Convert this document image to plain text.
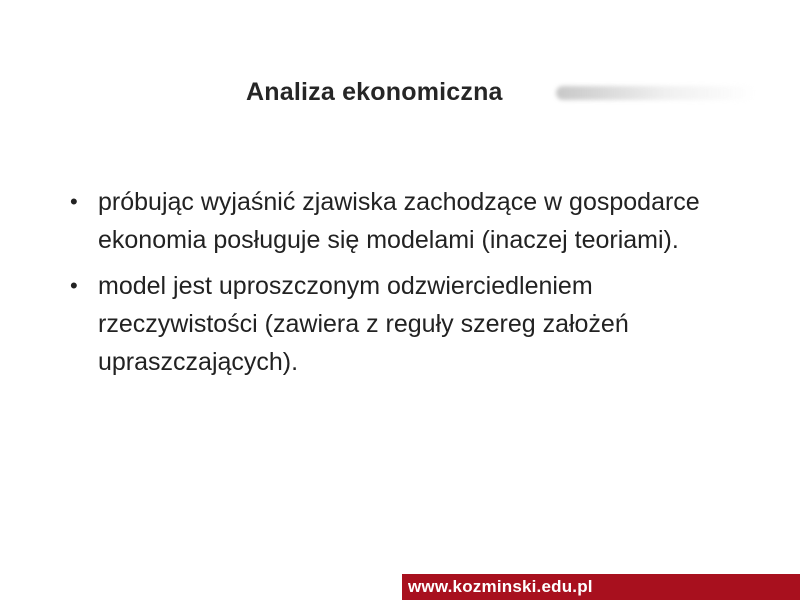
Analiza ekonomiczna
• próbując wyjaśnić zjawiska zachodzące w gospodarce ekonomia posługuje się modelami (inaczej teoriami).
• model jest uproszczonym odzwierciedleniem rzeczywistości (zawiera z reguły szereg założeń upraszczających).
www.kozminski.edu.pl
